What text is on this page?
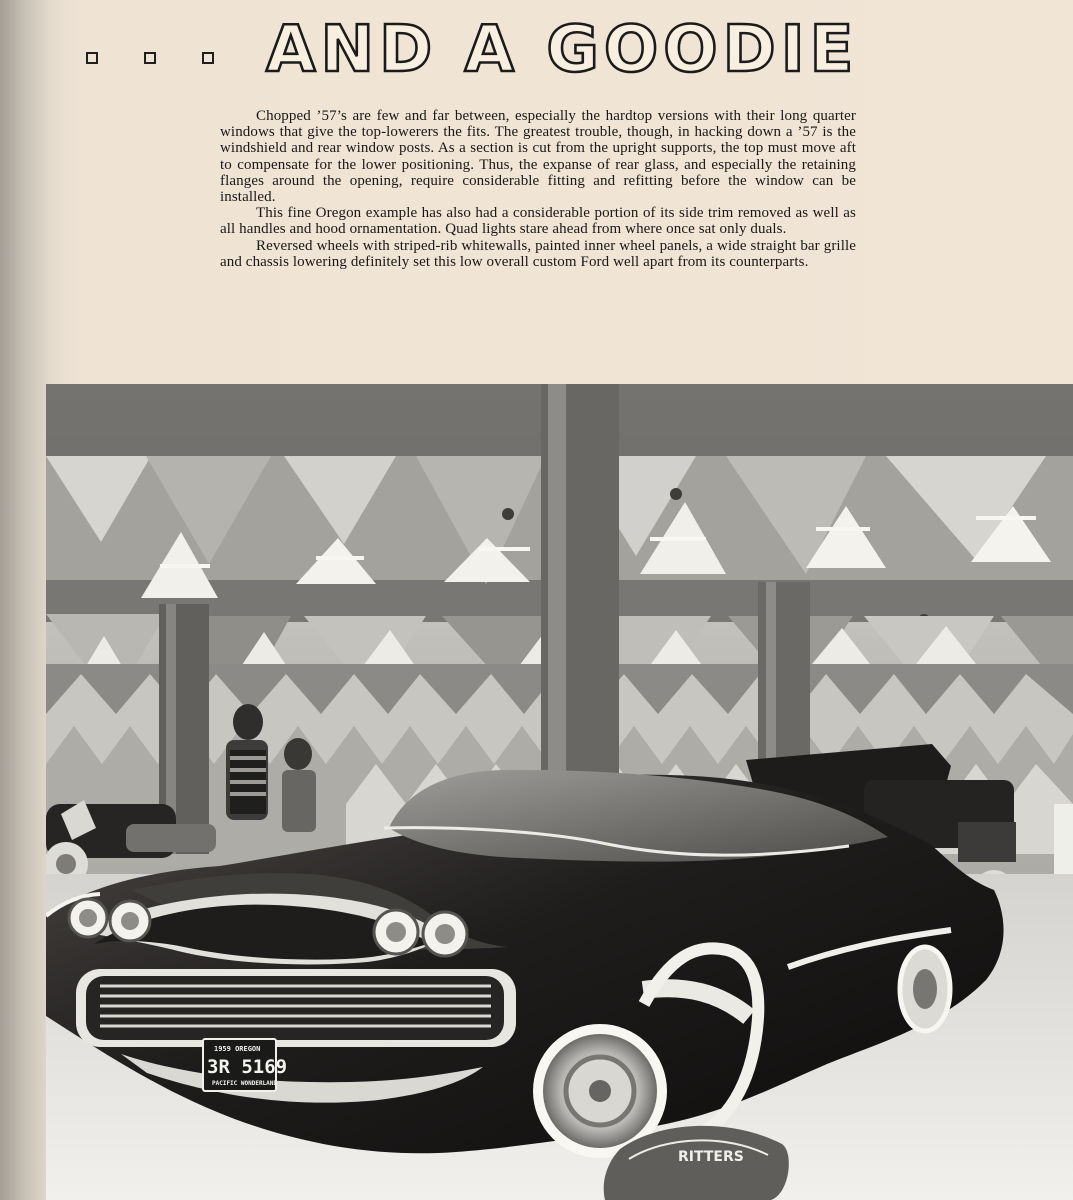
AND A GOODIE

Chopped ’57’s are few and far between, especially the hardtop versions with their long quarter windows that give the top-lowerers the fits. The greatest trouble, though, in hacking down a ’57 is the windshield and rear window posts. As a section is cut from the upright supports, the top must move aft to compensate for the lower positioning. Thus, the expanse of rear glass, and especially the retaining flanges around the opening, require considerable fitting and refitting before the window can be installed.

This fine Oregon example has also had a considerable portion of its side trim removed as well as all handles and hood ornamentation. Quad lights stare ahead from where once sat only duals.

Reversed wheels with striped-rib whitewalls, painted inner wheel panels, a wide straight bar grille and chassis lowering definitely set this low overall custom Ford well apart from its counterparts.

1959 OREGON
3R 5169
PACIFIC WONDERLAND
RITTERS
